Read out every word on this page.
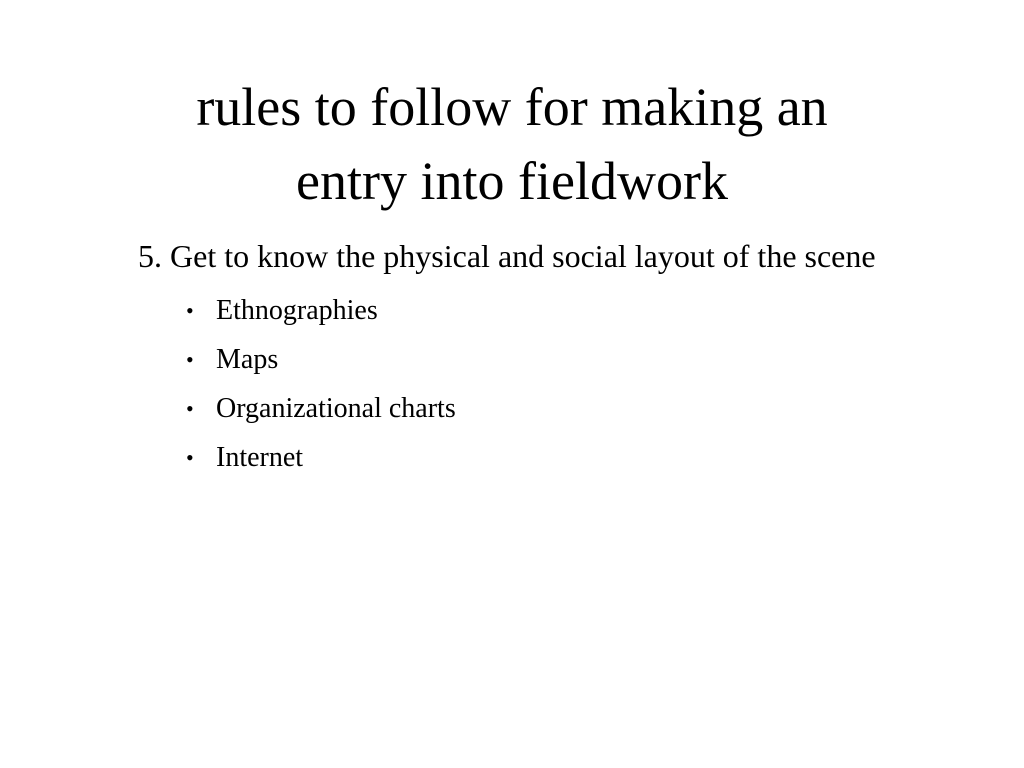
rules to follow for making an
entry into fieldwork

5. Get to know the physical and social layout of the scene

• Ethnographies
• Maps
• Organizational charts
• Internet
